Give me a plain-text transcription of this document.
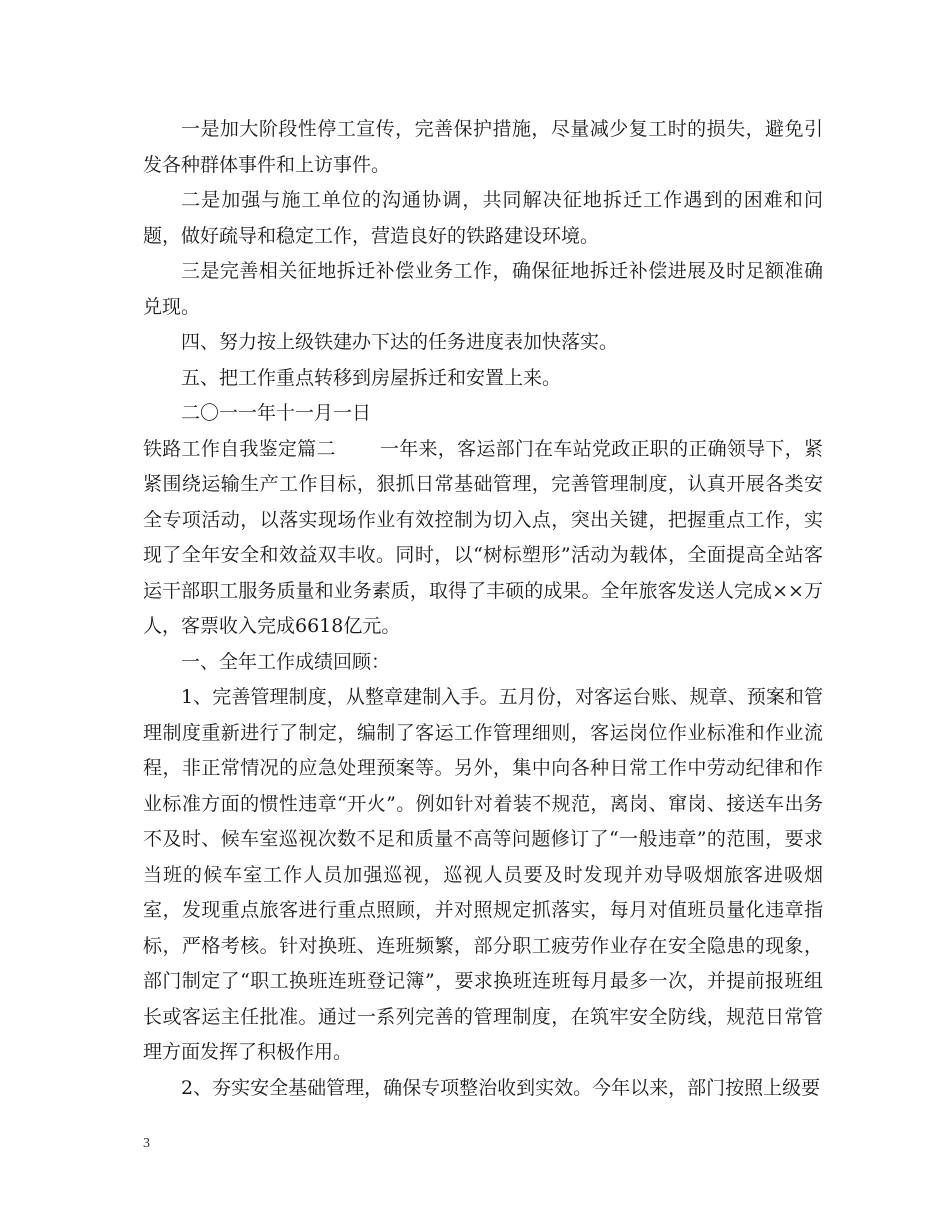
一是加大阶段性停工宣传，完善保护措施，尽量减少复工时的损失，避免引发各种群体事件和上访事件。

二是加强与施工单位的沟通协调，共同解决征地拆迁工作遇到的困难和问题，做好疏导和稳定工作，营造良好的铁路建设环境。

三是完善相关征地拆迁补偿业务工作，确保征地拆迁补偿进展及时足额准确兑现。

四、努力按上级铁建办下达的任务进度表加快落实。

五、把工作重点转移到房屋拆迁和安置上来。

二〇一一年十一月一日

铁路工作自我鉴定篇二 一年来，客运部门在车站党政正职的正确领导下，紧紧围绕运输生产工作目标，狠抓日常基础管理，完善管理制度，认真开展各类安全专项活动，以落实现场作业有效控制为切入点，突出关键，把握重点工作，实现了全年安全和效益双丰收。同时，以“树标塑形”活动为载体，全面提高全站客运干部职工服务质量和业务素质，取得了丰硕的成果。全年旅客发送人完成××万人，客票收入完成6618亿元。

一、全年工作成绩回顾：

1、完善管理制度，从整章建制入手。五月份，对客运台账、规章、预案和管理制度重新进行了制定，编制了客运工作管理细则，客运岗位作业标准和作业流程，非正常情况的应急处理预案等。另外，集中向各种日常工作中劳动纪律和作业标准方面的惯性违章“开火”。例如针对着装不规范，离岗、窜岗、接送车出务不及时、候车室巡视次数不足和质量不高等问题修订了“一般违章”的范围，要求当班的候车室工作人员加强巡视，巡视人员要及时发现并劝导吸烟旅客进吸烟室，发现重点旅客进行重点照顾，并对照规定抓落实，每月对值班员量化违章指标，严格考核。针对换班、连班频繁，部分职工疲劳作业存在安全隐患的现象，部门制定了“职工换班连班登记簿”，要求换班连班每月最多一次，并提前报班组长或客运主任批准。通过一系列完善的管理制度，在筑牢安全防线，规范日常管理方面发挥了积极作用。

2、夯实安全基础管理，确保专项整治收到实效。今年以来，部门按照上级要

3
